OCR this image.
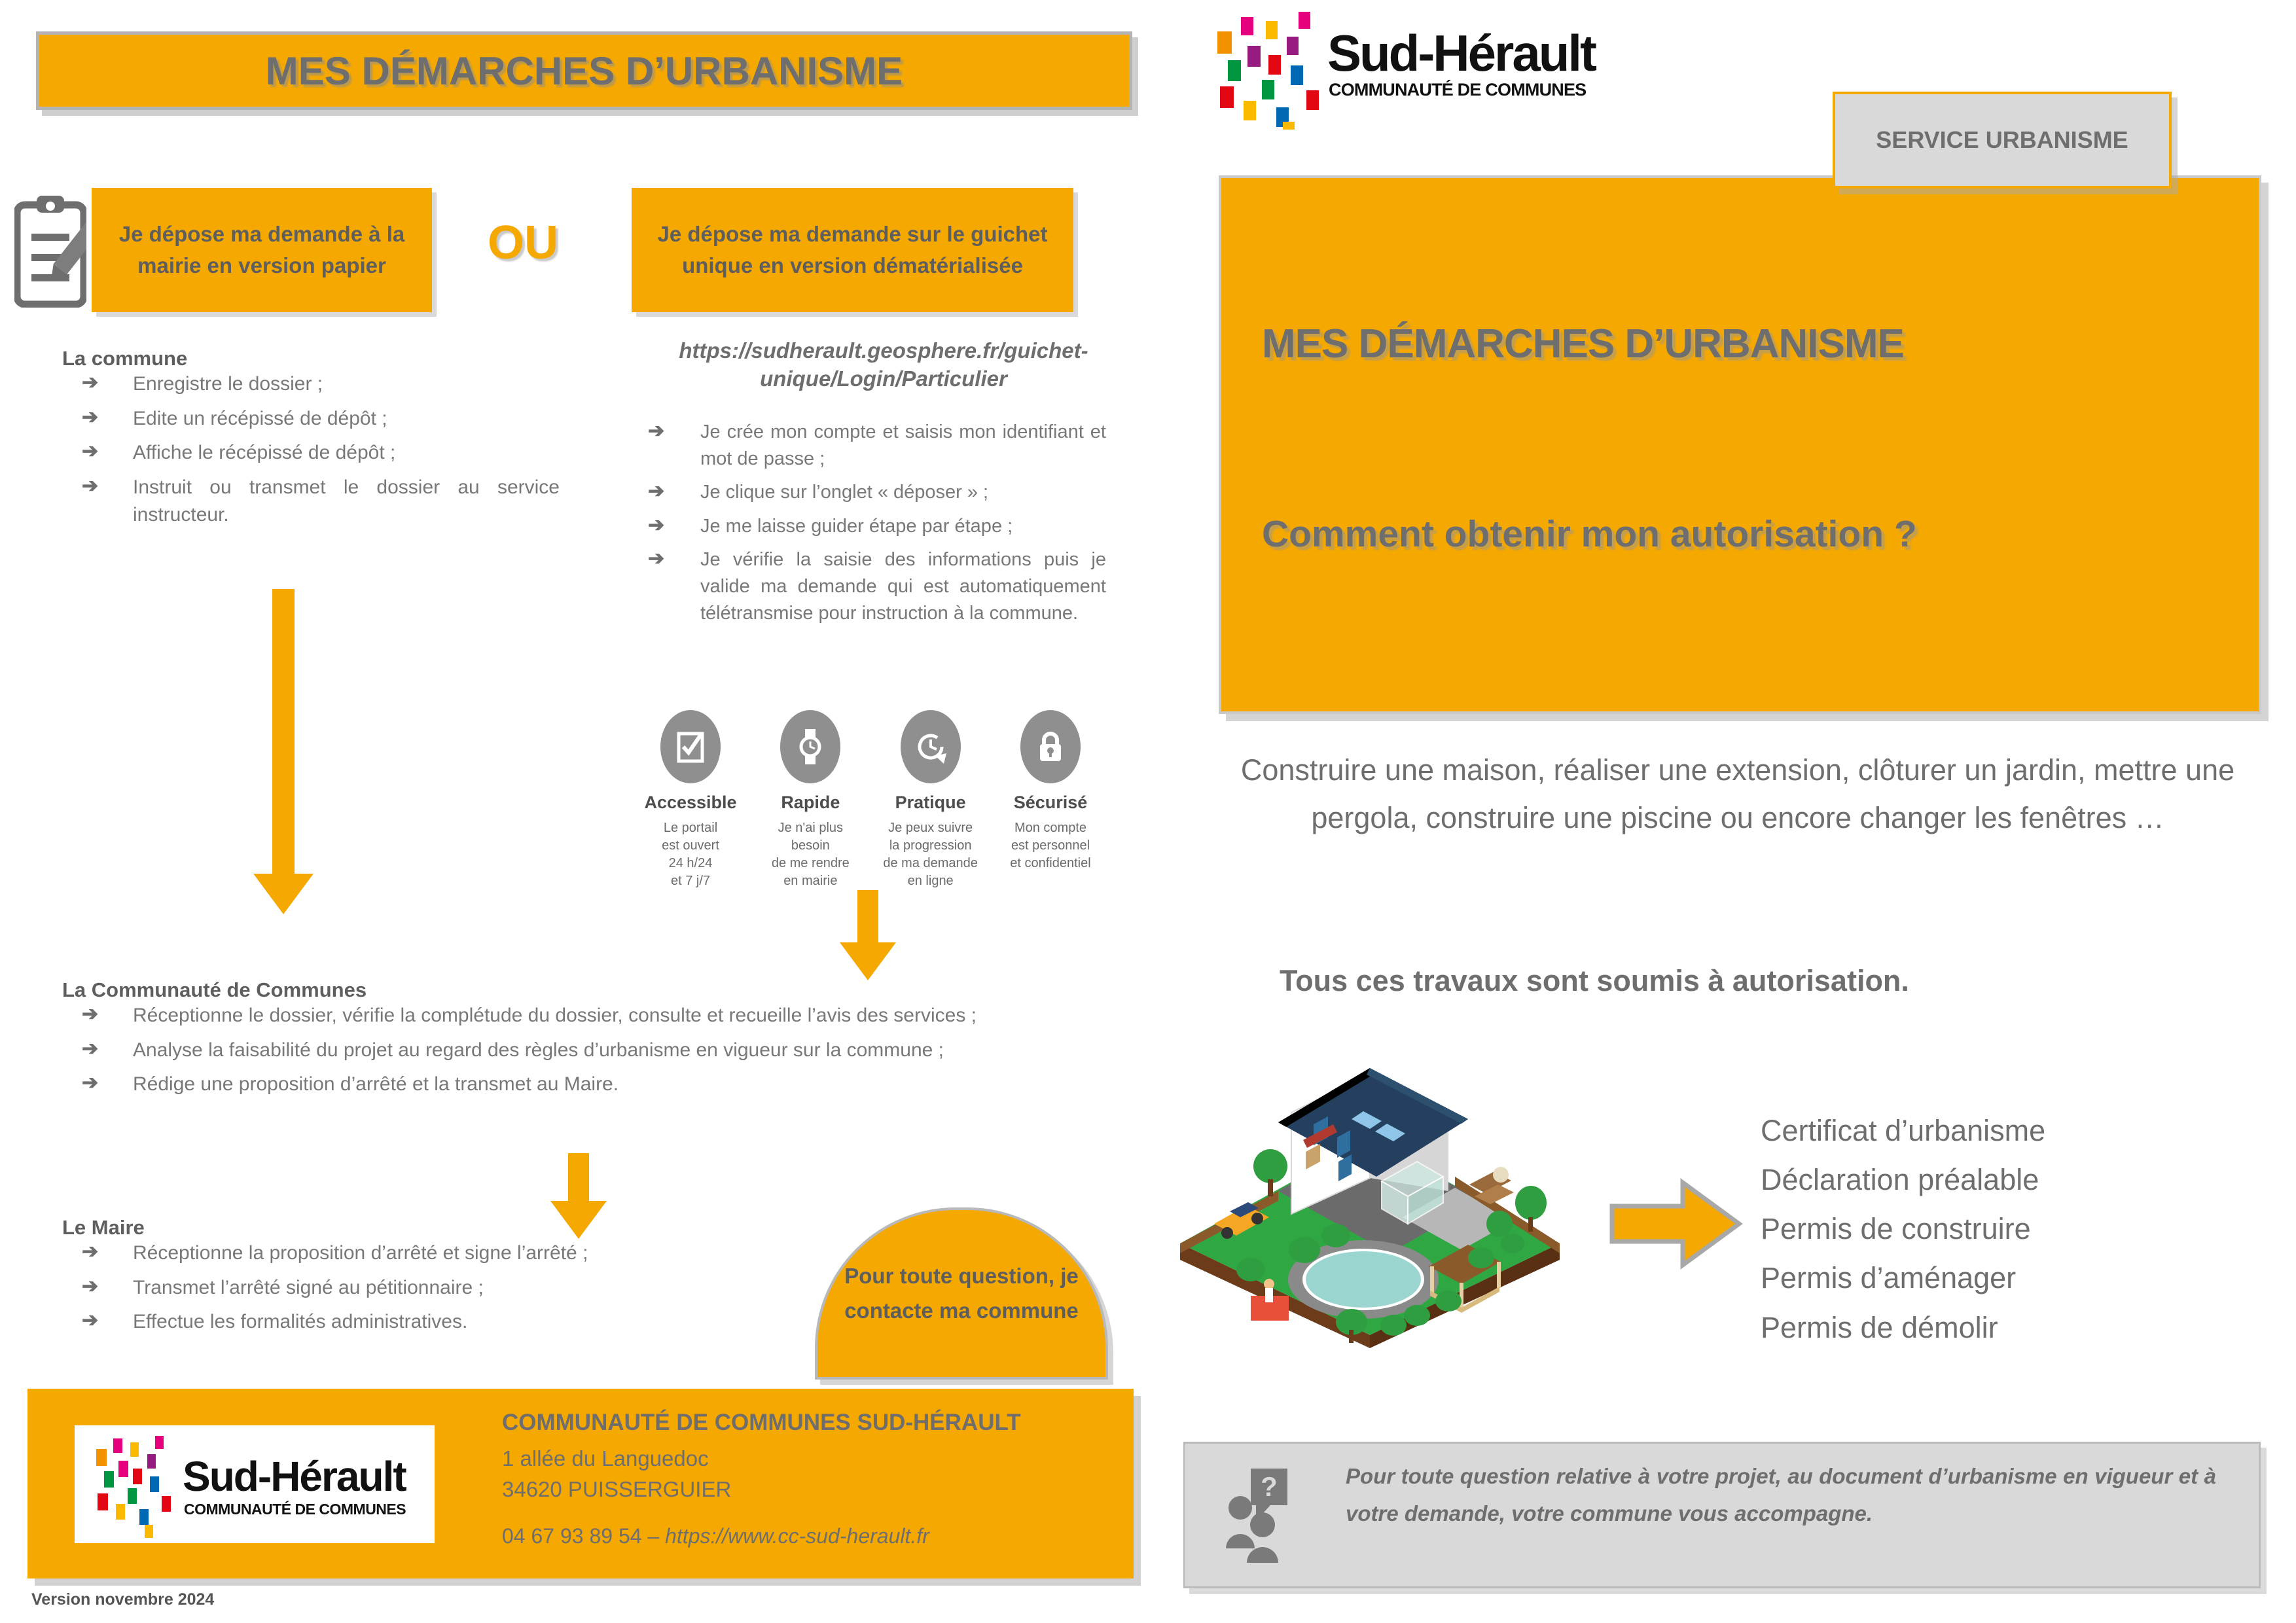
MES DÉMARCHES D’URBANISME
Je dépose ma demande à la mairie en version papier	OU	Je dépose ma demande sur le guichet unique en version dématérialisée
La commune
➔ Enregistre le dossier ;
➔ Edite un récépissé de dépôt ;
➔ Affiche le récépissé de dépôt ;
➔ Instruit ou transmet le dossier au service instructeur.
https://sudherault.geosphere.fr/guichet-unique/Login/Particulier
➔ Je crée mon compte et saisis mon identifiant et mot de passe ;
➔ Je clique sur l’onglet « déposer » ;
➔ Je me laisse guider étape par étape ;
➔ Je vérifie la saisie des informations puis je valide ma demande qui est automatiquement télétransmise pour instruction à la commune.
Accessible
Le portail
est ouvert
24 h/24
et 7 j/7
Rapide
Je n'ai plus
besoin
de me rendre
en mairie
Pratique
Je peux suivre
la progression
de ma demande
en ligne
Sécurisé
Mon compte
est personnel
et confidentiel
La Communauté de Communes
➔ Réceptionne le dossier, vérifie la complétude du dossier, consulte et recueille l’avis des services ;
➔ Analyse la faisabilité du projet au regard des règles d’urbanisme en vigueur sur la commune ;
➔ Rédige une proposition d’arrêté et la transmet au Maire.
Le Maire
➔ Réceptionne la proposition d’arrêté et signe l’arrêté ;
➔ Transmet l’arrêté signé au pétitionnaire ;
➔ Effectue les formalités administratives.
Pour toute question, je contacte ma commune
Sud-Hérault
COMMUNAUTÉ DE COMMUNES
COMMUNAUTÉ DE COMMUNES SUD-HÉRAULT
1 allée du Languedoc
34620 PUISSERGUIER
04 67 93 89 54 – https://www.cc-sud-herault.fr
Version novembre 2024
Sud-Hérault
COMMUNAUTÉ DE COMMUNES
SERVICE URBANISME
MES DÉMARCHES D’URBANISME
Comment obtenir mon autorisation ?
Construire une maison, réaliser une extension, clôturer un jardin, mettre une pergola, construire une piscine ou encore changer les fenêtres …
Tous ces travaux sont soumis à autorisation.
Certificat d’urbanisme
Déclaration préalable
Permis de construire
Permis d’aménager
Permis de démolir
?	Pour toute question relative à votre projet, au document d’urbanisme en vigueur et à votre demande, votre commune vous accompagne.
